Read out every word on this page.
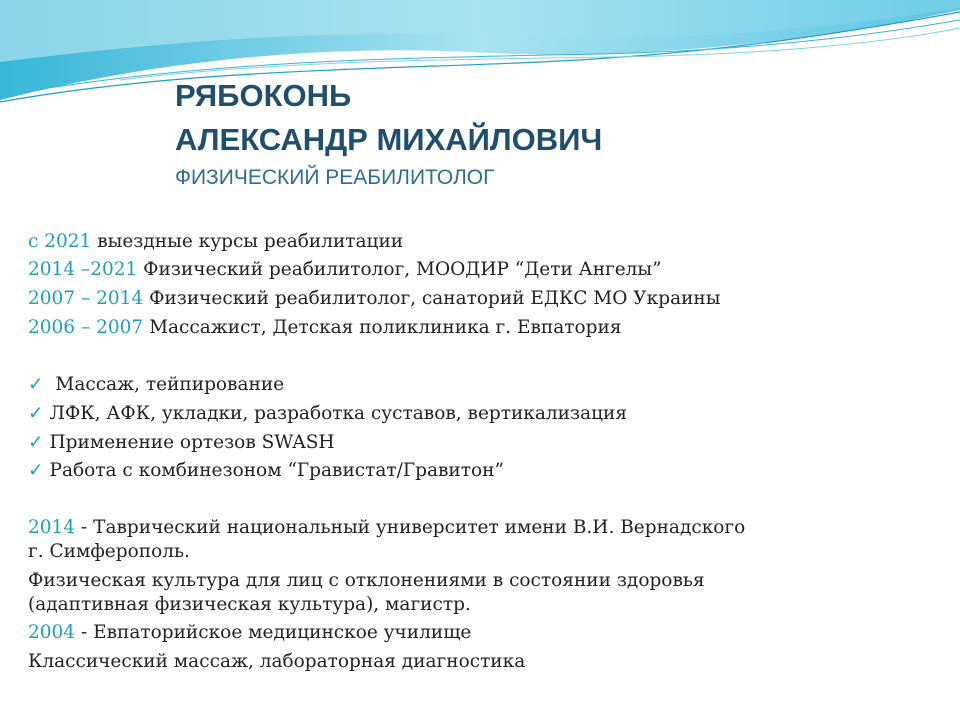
РЯБОКОНЬ
АЛЕКСАНДР МИХАЙЛОВИЧ
ФИЗИЧЕСКИЙ РЕАБИЛИТОЛОГ
с 2021 выездные курсы реабилитации
2014 –2021 Физический реабилитолог, МООДИР “Дети Ангелы”
2007 – 2014 Физический реабилитолог, санаторий ЕДКС МО Украины
2006 – 2007 Массажист, Детская поликлиника г. Евпатория
✓ Массаж, тейпирование
✓ ЛФК, АФК, укладки, разработка суставов, вертикализация
✓ Применение ортезов SWASH
✓ Работа с комбинезоном “Гравистат/Гравитон”
2014 - Таврический национальный университет имени В.И. Вернадского
г. Симферополь.
Физическая культура для лиц с отклонениями в состоянии здоровья
(адаптивная физическая культура), магистр.
2004 - Евпаторийское медицинское училище
Классический массаж, лабораторная диагностика
